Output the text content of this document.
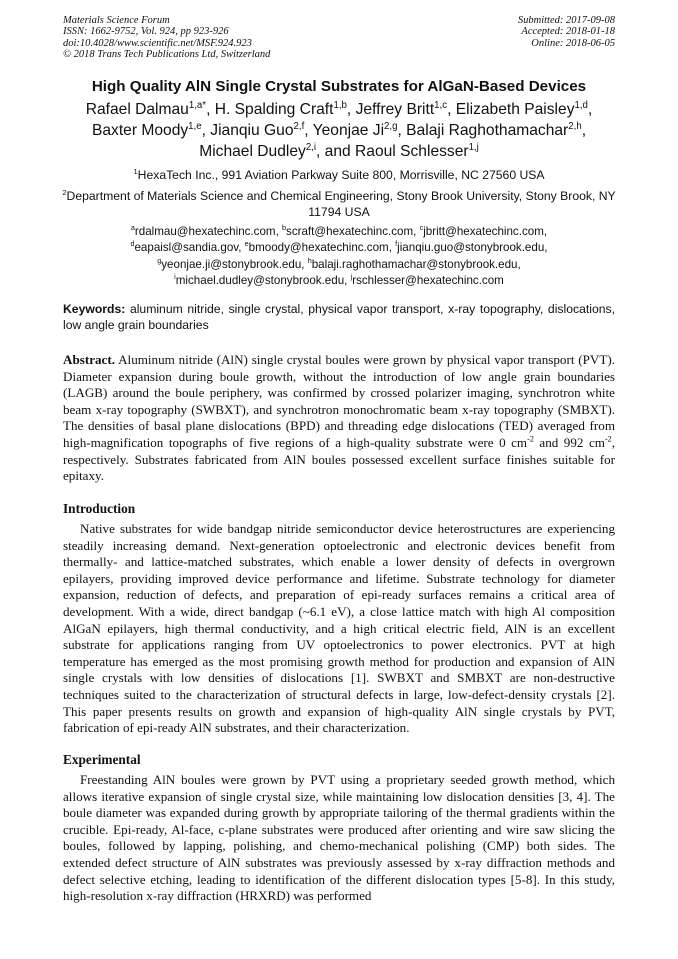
Materials Science Forum
ISSN: 1662-9752, Vol. 924, pp 923-926
doi:10.4028/www.scientific.net/MSF.924.923
© 2018 Trans Tech Publications Ltd, Switzerland
Submitted: 2017-09-08
Accepted: 2018-01-18
Online: 2018-06-05
High Quality AlN Single Crystal Substrates for AlGaN-Based Devices
Rafael Dalmau$^{1,a*}$, H. Spalding Craft$^{1,b}$, Jeffrey Britt$^{1,c}$, Elizabeth Paisley$^{1,d}$,
Baxter Moody$^{1,e}$, Jianqiu Guo$^{2,f}$, Yeonjae Ji$^{2,g}$, Balaji Raghothamachar$^{2,h}$,
Michael Dudley$^{2,i}$, and Raoul Schlesser$^{1,j}$
$^1$HexaTech Inc., 991 Aviation Parkway Suite 800, Morrisville, NC 27560 USA
$^2$Department of Materials Science and Chemical Engineering, Stony Brook University, Stony Brook, NY 11794 USA
$^a$rdalmau@hexatechinc.com, $^b$scraft@hexatechinc.com, $^c$jbritt@hexatechinc.com,
$^d$eapaisl@sandia.gov, $^e$bmoody@hexatechinc.com, $^f$jianqiu.guo@stonybrook.edu,
$^g$yeonjae.ji@stonybrook.edu, $^h$balaji.raghothamachar@stonybrook.edu,
$^i$michael.dudley@stonybrook.edu, $^j$rschlesser@hexatechinc.com
Keywords: aluminum nitride, single crystal, physical vapor transport, x-ray topography, dislocations, low angle grain boundaries
Abstract. Aluminum nitride (AlN) single crystal boules were grown by physical vapor transport (PVT). Diameter expansion during boule growth, without the introduction of low angle grain boundaries (LAGB) around the boule periphery, was confirmed by crossed polarizer imaging, synchrotron white beam x-ray topography (SWBXT), and synchrotron monochromatic beam x-ray topography (SMBXT). The densities of basal plane dislocations (BPD) and threading edge dislocations (TED) averaged from high-magnification topographs of five regions of a high-quality substrate were 0 $cm^{-2}$ and 992 $cm^{-2}$, respectively. Substrates fabricated from AlN boules possessed excellent surface finishes suitable for epitaxy.
Introduction
Native substrates for wide bandgap nitride semiconductor device heterostructures are experiencing steadily increasing demand. Next-generation optoelectronic and electronic devices benefit from thermally- and lattice-matched substrates, which enable a lower density of defects in overgrown epilayers, providing improved device performance and lifetime. Substrate technology for diameter expansion, reduction of defects, and preparation of epi-ready surfaces remains a critical area of development. With a wide, direct bandgap (~6.1 eV), a close lattice match with high Al composition AlGaN epilayers, high thermal conductivity, and a high critical electric field, AlN is an excellent substrate for applications ranging from UV optoelectronics to power electronics. PVT at high temperature has emerged as the most promising growth method for production and expansion of AlN single crystals with low densities of dislocations [1]. SWBXT and SMBXT are non-destructive techniques suited to the characterization of structural defects in large, low-defect-density crystals [2]. This paper presents results on growth and expansion of high-quality AlN single crystals by PVT, fabrication of epi-ready AlN substrates, and their characterization.
Experimental
Freestanding AlN boules were grown by PVT using a proprietary seeded growth method, which allows iterative expansion of single crystal size, while maintaining low dislocation densities [3, 4]. The boule diameter was expanded during growth by appropriate tailoring of the thermal gradients within the crucible. Epi-ready, Al-face, c-plane substrates were produced after orienting and wire saw slicing the boules, followed by lapping, polishing, and chemo-mechanical polishing (CMP) both sides. The extended defect structure of AlN substrates was previously assessed by x-ray diffraction methods and defect selective etching, leading to identification of the different dislocation types [5-8]. In this study, high-resolution x-ray diffraction (HRXRD) was performed
